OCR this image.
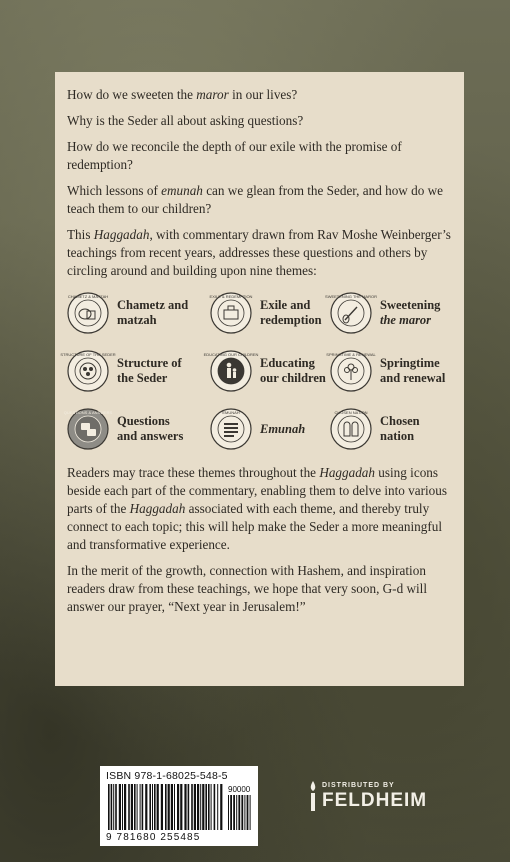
How do we sweeten the maror in our lives?

Why is the Seder all about asking questions?

How do we reconcile the depth of our exile with the promise of redemption?

Which lessons of emunah can we glean from the Seder, and how do we teach them to our children?

This Haggadah, with commentary drawn from Rav Moshe Weinberger’s teachings from recent years, addresses these questions and others by circling around and building upon nine themes:

CHAMETZ & MATZAH
Chametz and
matzah
EXILE & REDEMPTION
Exile and
redemption
SWEETENING THE MAROR
Sweetening
the maror
STRUCTURE OF THE SEDER
Structure of
the Seder
EDUCATING OUR CHILDREN
Educating
our children
SPRINGTIME & RENEWAL
Springtime
and renewal
QUESTIONS & ANSWERS
Questions
and answers
EMUNAH
Emunah
CHOSEN NATION
Chosen
nation

Readers may trace these themes throughout the Haggadah using icons beside each part of the commentary, enabling them to delve into various parts of the Haggadah associated with each theme, and thereby truly connect to each topic; this will help make the Seder a more meaningful and transformative experience.

In the merit of the growth, connection with Hashem, and inspiration readers draw from these teachings, we hope that very soon, G-d will answer our prayer, “Next year in Jerusalem!”

ISBN 978-1-68025-548-5
90000
9 781680 255485
DISTRIBUTED BY
FELDHEIM
